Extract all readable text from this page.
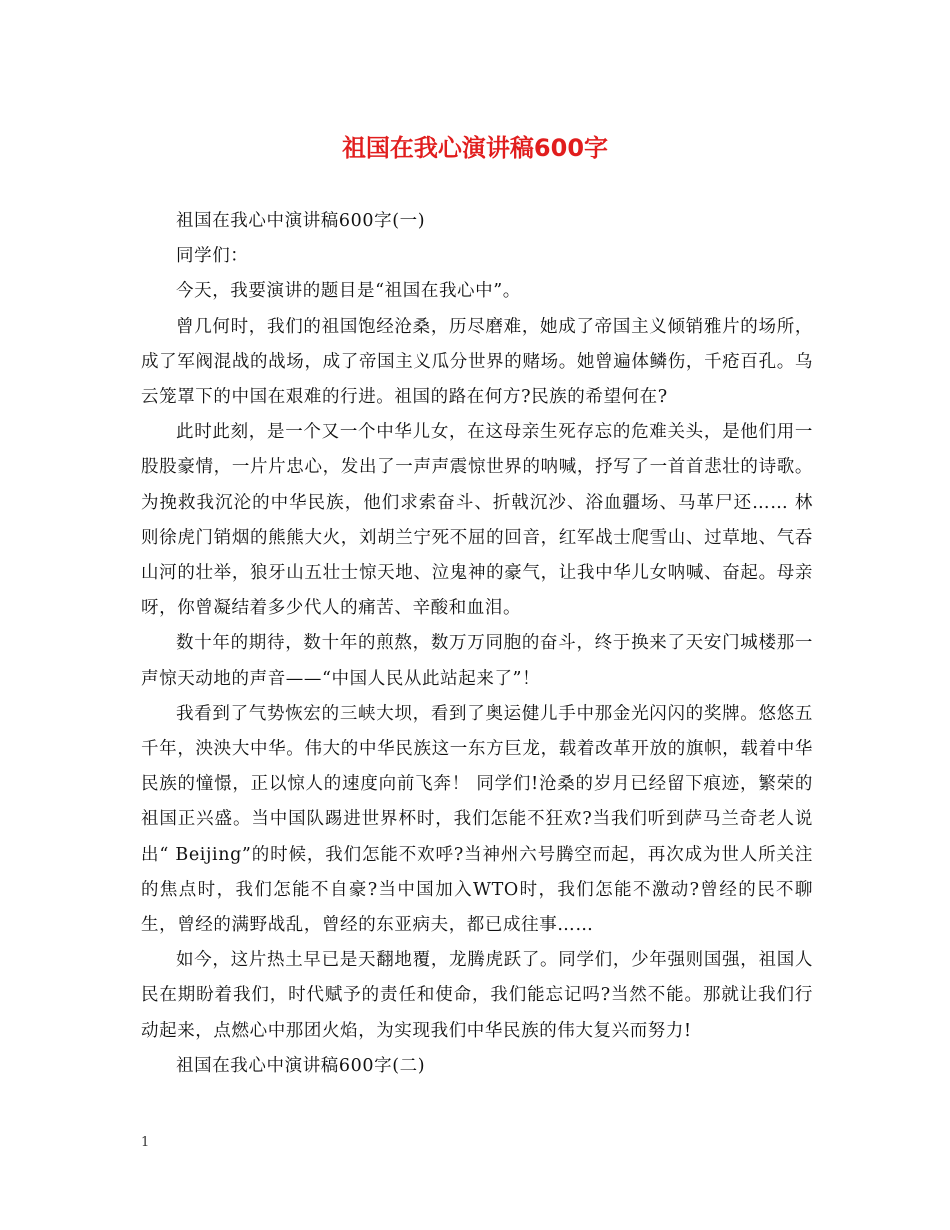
祖国在我心演讲稿600字

祖国在我心中演讲稿600字(一)

同学们：

今天，我要演讲的题目是“祖国在我心中”。

曾几何时，我们的祖国饱经沧桑，历尽磨难，她成了帝国主义倾销雅片的场所，成了军阀混战的战场，成了帝国主义瓜分世界的赌场。她曾遍体鳞伤，千疮百孔。乌云笼罩下的中国在艰难的行进。祖国的路在何方?民族的希望何在?

此时此刻，是一个又一个中华儿女，在这母亲生死存忘的危难关头，是他们用一股股豪情，一片片忠心，发出了一声声震惊世界的呐喊，抒写了一首首悲壮的诗歌。为挽救我沉沦的中华民族，他们求索奋斗、折戟沉沙、浴血疆场、马革尸还…… 林则徐虎门销烟的熊熊大火，刘胡兰宁死不屈的回音，红军战士爬雪山、过草地、气吞山河的壮举，狼牙山五壮士惊天地、泣鬼神的豪气，让我中华儿女呐喊、奋起。母亲呀，你曾凝结着多少代人的痛苦、辛酸和血泪。

数十年的期待，数十年的煎熬，数万万同胞的奋斗，终于换来了天安门城楼那一声惊天动地的声音——“中国人民从此站起来了”！

我看到了气势恢宏的三峡大坝，看到了奥运健儿手中那金光闪闪的奖牌。悠悠五千年，泱泱大中华。伟大的中华民族这一东方巨龙，载着改革开放的旗帜，载着中华民族的憧憬，正以惊人的速度向前飞奔！ 同学们!沧桑的岁月已经留下痕迹，繁荣的祖国正兴盛。当中国队踢进世界杯时，我们怎能不狂欢?当我们听到萨马兰奇老人说出“ Beijing”的时候，我们怎能不欢呼?当神州六号腾空而起，再次成为世人所关注的焦点时，我们怎能不自豪?当中国加入WTO时，我们怎能不激动?曾经的民不聊生，曾经的满野战乱，曾经的东亚病夫，都已成往事……

如今，这片热土早已是天翻地覆，龙腾虎跃了。同学们，少年强则国强，祖国人民在期盼着我们，时代赋予的责任和使命，我们能忘记吗?当然不能。那就让我们行动起来，点燃心中那团火焰，为实现我们中华民族的伟大复兴而努力!

祖国在我心中演讲稿600字(二)

1
